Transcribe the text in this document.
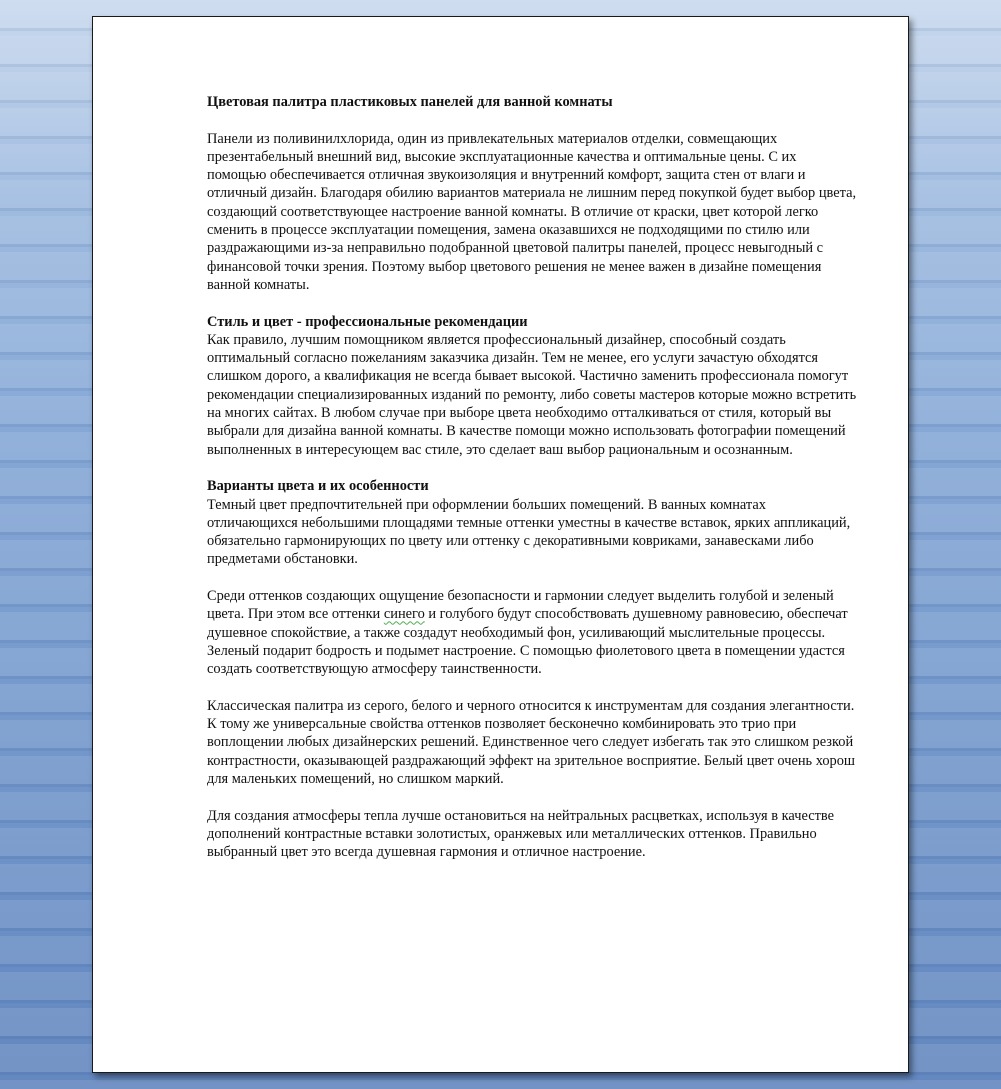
Цветовая палитра пластиковых панелей для ванной комнаты

Панели из поливинилхлорида, один из привлекательных материалов отделки, совмещающих презентабельный внешний вид, высокие эксплуатационные качества и оптимальные цены. С их помощью обеспечивается отличная звукоизоляция и внутренний комфорт, защита стен от влаги и отличный дизайн. Благодаря обилию вариантов материала не лишним перед покупкой будет выбор цвета, создающий соответствующее настроение ванной комнаты. В отличие от краски, цвет которой легко сменить в процессе эксплуатации помещения, замена оказавшихся не подходящими по стилю или раздражающими из-за неправильно подобранной цветовой палитры панелей, процесс невыгодный с финансовой точки зрения. Поэтому выбор цветового решения не менее важен в дизайне помещения ванной комнаты.

Стиль и цвет - профессиональные рекомендации

Как правило, лучшим помощником является профессиональный дизайнер, способный создать оптимальный согласно пожеланиям заказчика дизайн. Тем не менее, его услуги зачастую обходятся слишком дорого, а квалификация не всегда бывает высокой. Частично заменить профессионала помогут рекомендации специализированных изданий по ремонту, либо советы мастеров которые можно встретить на многих сайтах. В любом случае при выборе цвета необходимо отталкиваться от стиля, который вы выбрали для дизайна ванной комнаты. В качестве помощи можно использовать фотографии помещений выполненных в интересующем вас стиле, это сделает ваш выбор рациональным и осознанным.

Варианты цвета и их особенности

Темный цвет предпочтительней при оформлении больших помещений. В ванных комнатах отличающихся небольшими площадями темные оттенки уместны в качестве вставок, ярких аппликаций, обязательно гармонирующих по цвету или оттенку с декоративными ковриками, занавесками либо предметами обстановки.

Среди оттенков создающих ощущение безопасности и гармонии следует выделить голубой и зеленый цвета. При этом все оттенки синего и голубого будут способствовать душевному равновесию, обеспечат душевное спокойствие, а также создадут необходимый фон, усиливающий мыслительные процессы. Зеленый подарит бодрость и подымет настроение. С помощью фиолетового цвета в помещении удастся создать соответствующую атмосферу таинственности.

Классическая палитра из серого, белого и черного относится к инструментам для создания элегантности. К тому же универсальные свойства оттенков позволяет бесконечно комбинировать это трио при воплощении любых дизайнерских решений. Единственное чего следует избегать так это слишком резкой контрастности, оказывающей раздражающий эффект на зрительное восприятие. Белый цвет очень хорош для маленьких помещений, но слишком маркий.

Для создания атмосферы тепла лучше остановиться на нейтральных расцветках, используя в качестве дополнений контрастные вставки золотистых, оранжевых или металлических оттенков. Правильно выбранный цвет это всегда душевная гармония и отличное настроение.
